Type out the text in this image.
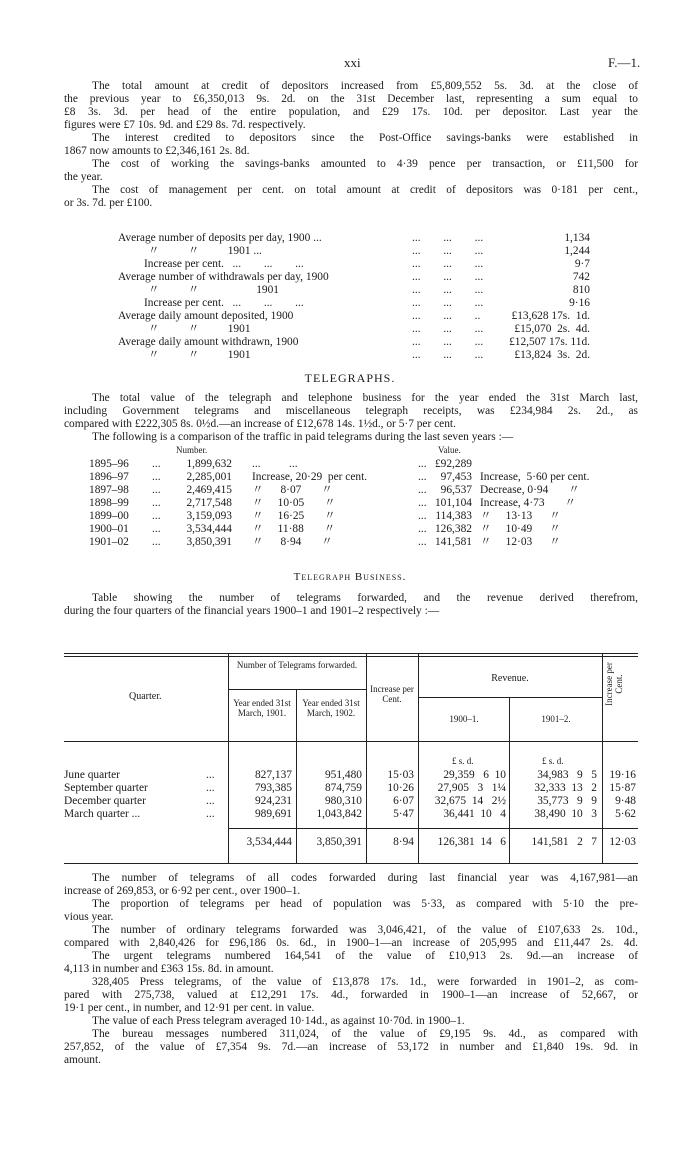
xxi	F.—1.
The total amount at credit of depositors increased from £5,809,552 5s. 3d. at the close of
the previous year to £6,350,013 9s. 2d. on the 31st December last, representing a sum equal to
£8 3s. 3d. per head of the entire population, and £29 17s. 10d. per depositor. Last year the
figures were £7 10s. 9d. and £29 8s. 7d. respectively.
The interest credited to depositors since the Post-Office savings-banks were established in
1867 now amounts to £2,346,161 2s. 8d.
The cost of working the savings-banks amounted to 4·39 pence per transaction, or £11,500 for
the year.
The cost of management per cent. on total amount at credit of depositors was 0·181 per cent.,
or 3s. 7d. per £100.
Average number of deposits per day, 1900 ...	...        ...        ...	1,134
〃          〃          1901 ...	...        ...        ...	1,244
Increase per cent.   ...        ...        ...	...        ...        ...	9·7
Average number of withdrawals per day, 1900	...        ...        ...	742
〃          〃                    1901	...        ...        ...	810
Increase per cent.   ...        ...        ...	...        ...        ...	9·16
Average daily amount deposited, 1900	...        ...        ..	£13,628 17s.  1d.
〃          〃          1901	...        ...        ...	£15,070  2s.  4d.
Average daily amount withdrawn, 1900	...        ...        ...	£12,507 17s. 11d.
〃          〃          1901	...        ...        ...	£13,824  3s.  2d.
TELEGRAPHS.
The total value of the telegraph and telephone business for the year ended the 31st March last,
including Government telegrams and miscellaneous telegraph receipts, was £234,984 2s. 2d., as
compared with £222,305 8s. 0½d.—an increase of £12,678 14s. 1½d., or 5·7 per cent.
The following is a comparison of the traffic in paid telegrams during the last seven years :—
Number.	Value.
1895–96 ...	1,899,632 ...          ...	... £92,289
1896–97 ...	2,285,001 Increase, 20·29  per cent.	...	97,453 Increase,  5·60 per cent.
1897–98 ...	2,469,415 〃      8·07       〃	...	96,537 Decrease, 0·94       〃
1898–99 ...	2,717,548 〃     10·05       〃	... 101,104 Increase, 4·73       〃
1899–00 ...	3,159,093 〃     16·25       〃	... 114,383 〃     13·13      〃
1900–01 ...	3,534,444 〃     11·88       〃	... 126,382 〃     10·49      〃
1901–02 ...	3,850,391 〃      8·94       〃	... 141,581 〃     12·03      〃
Telegraph Business.
Table showing the number of telegrams forwarded, and the revenue derived therefrom,
during the four quarters of the financial years 1900–1 and 1901–2 respectively :—
Quarter.
Number of Telegrams forwarded.
Year ended 31st March, 1901.
Year ended 31st March, 1902.
Increase per Cent.
Revenue.
1900–1.	1901–2.
Increase per Cent.
£ s. d.	£ s. d.
June quarter	...	827,137	951,480	15·03	29,359   6  10	34,983   9   5	19·16
September quarter	...	793,385	874,759	10·26	27,905   3   1¼	32,333  13   2	15·87
December quarter	...	924,231	980,310	6·07	32,675  14   2½	35,773   9   9	9·48
March quarter ...	...	989,691	1,043,842	5·47	36,441  10   4	38,490  10   3	5·62
3,534,444	3,850,391	8·94	126,381  14   6	141,581   2   7	12·03
The number of telegrams of all codes forwarded during last financial year was 4,167,981—an
increase of 269,853, or 6·92 per cent., over 1900–1.
The proportion of telegrams per head of population was 5·33, as compared with 5·10 the pre-
vious year.
The number of ordinary telegrams forwarded was 3,046,421, of the value of £107,633 2s. 10d.,
compared with 2,840,426 for £96,186 0s. 6d., in 1900–1—an increase of 205,995 and £11,447 2s. 4d.
The urgent telegrams numbered 164,541 of the value of £10,913 2s. 9d.—an increase of
4,113 in number and £363 15s. 8d. in amount.
328,405 Press telegrams, of the value of £13,878 17s. 1d., were forwarded in 1901–2, as com-
pared with 275,738, valued at £12,291 17s. 4d., forwarded in 1900–1—an increase of 52,667, or
19·1 per cent., in number, and 12·91 per cent. in value.
The value of each Press telegram averaged 10·14d., as against 10·70d. in 1900–1.
The bureau messages numbered 311,024, of the value of £9,195 9s. 4d., as compared with
257,852, of the value of £7,354 9s. 7d.—an increase of 53,172 in number and £1,840 19s. 9d. in
amount.
